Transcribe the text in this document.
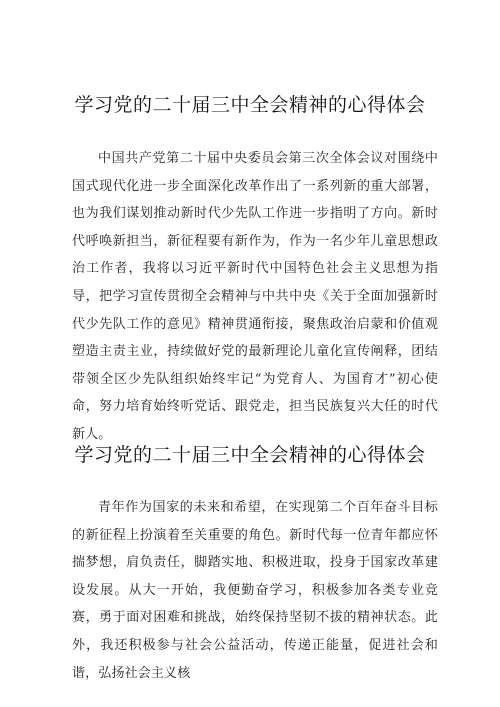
学习党的二十届三中全会精神的心得体会

中国共产党第二十届中央委员会第三次全体会议对围绕中国式现代化进一步全面深化改革作出了一系列新的重大部署，也为我们谋划推动新时代少先队工作进一步指明了方向。新时代呼唤新担当，新征程要有新作为，作为一名少年儿童思想政治工作者，我将以习近平新时代中国特色社会主义思想为指导，把学习宣传贯彻全会精神与中共中央《关于全面加强新时代少先队工作的意见》精神贯通衔接，聚焦政治启蒙和价值观塑造主责主业，持续做好党的最新理论儿童化宣传阐释，团结带领全区少先队组织始终牢记“为党育人、为国育才”初心使命，努力培育始终听党话、跟党走，担当民族复兴大任的时代新人。

学习党的二十届三中全会精神的心得体会

青年作为国家的未来和希望，在实现第二个百年奋斗目标的新征程上扮演着至关重要的角色。新时代每一位青年都应怀揣梦想，肩负责任，脚踏实地、积极进取，投身于国家改革建设发展。从大一开始，我便勤奋学习，积极参加各类专业竞赛，勇于面对困难和挑战，始终保持坚韧不拔的精神状态。此外，我还积极参与社会公益活动，传递正能量，促进社会和谐，弘扬社会主义核
